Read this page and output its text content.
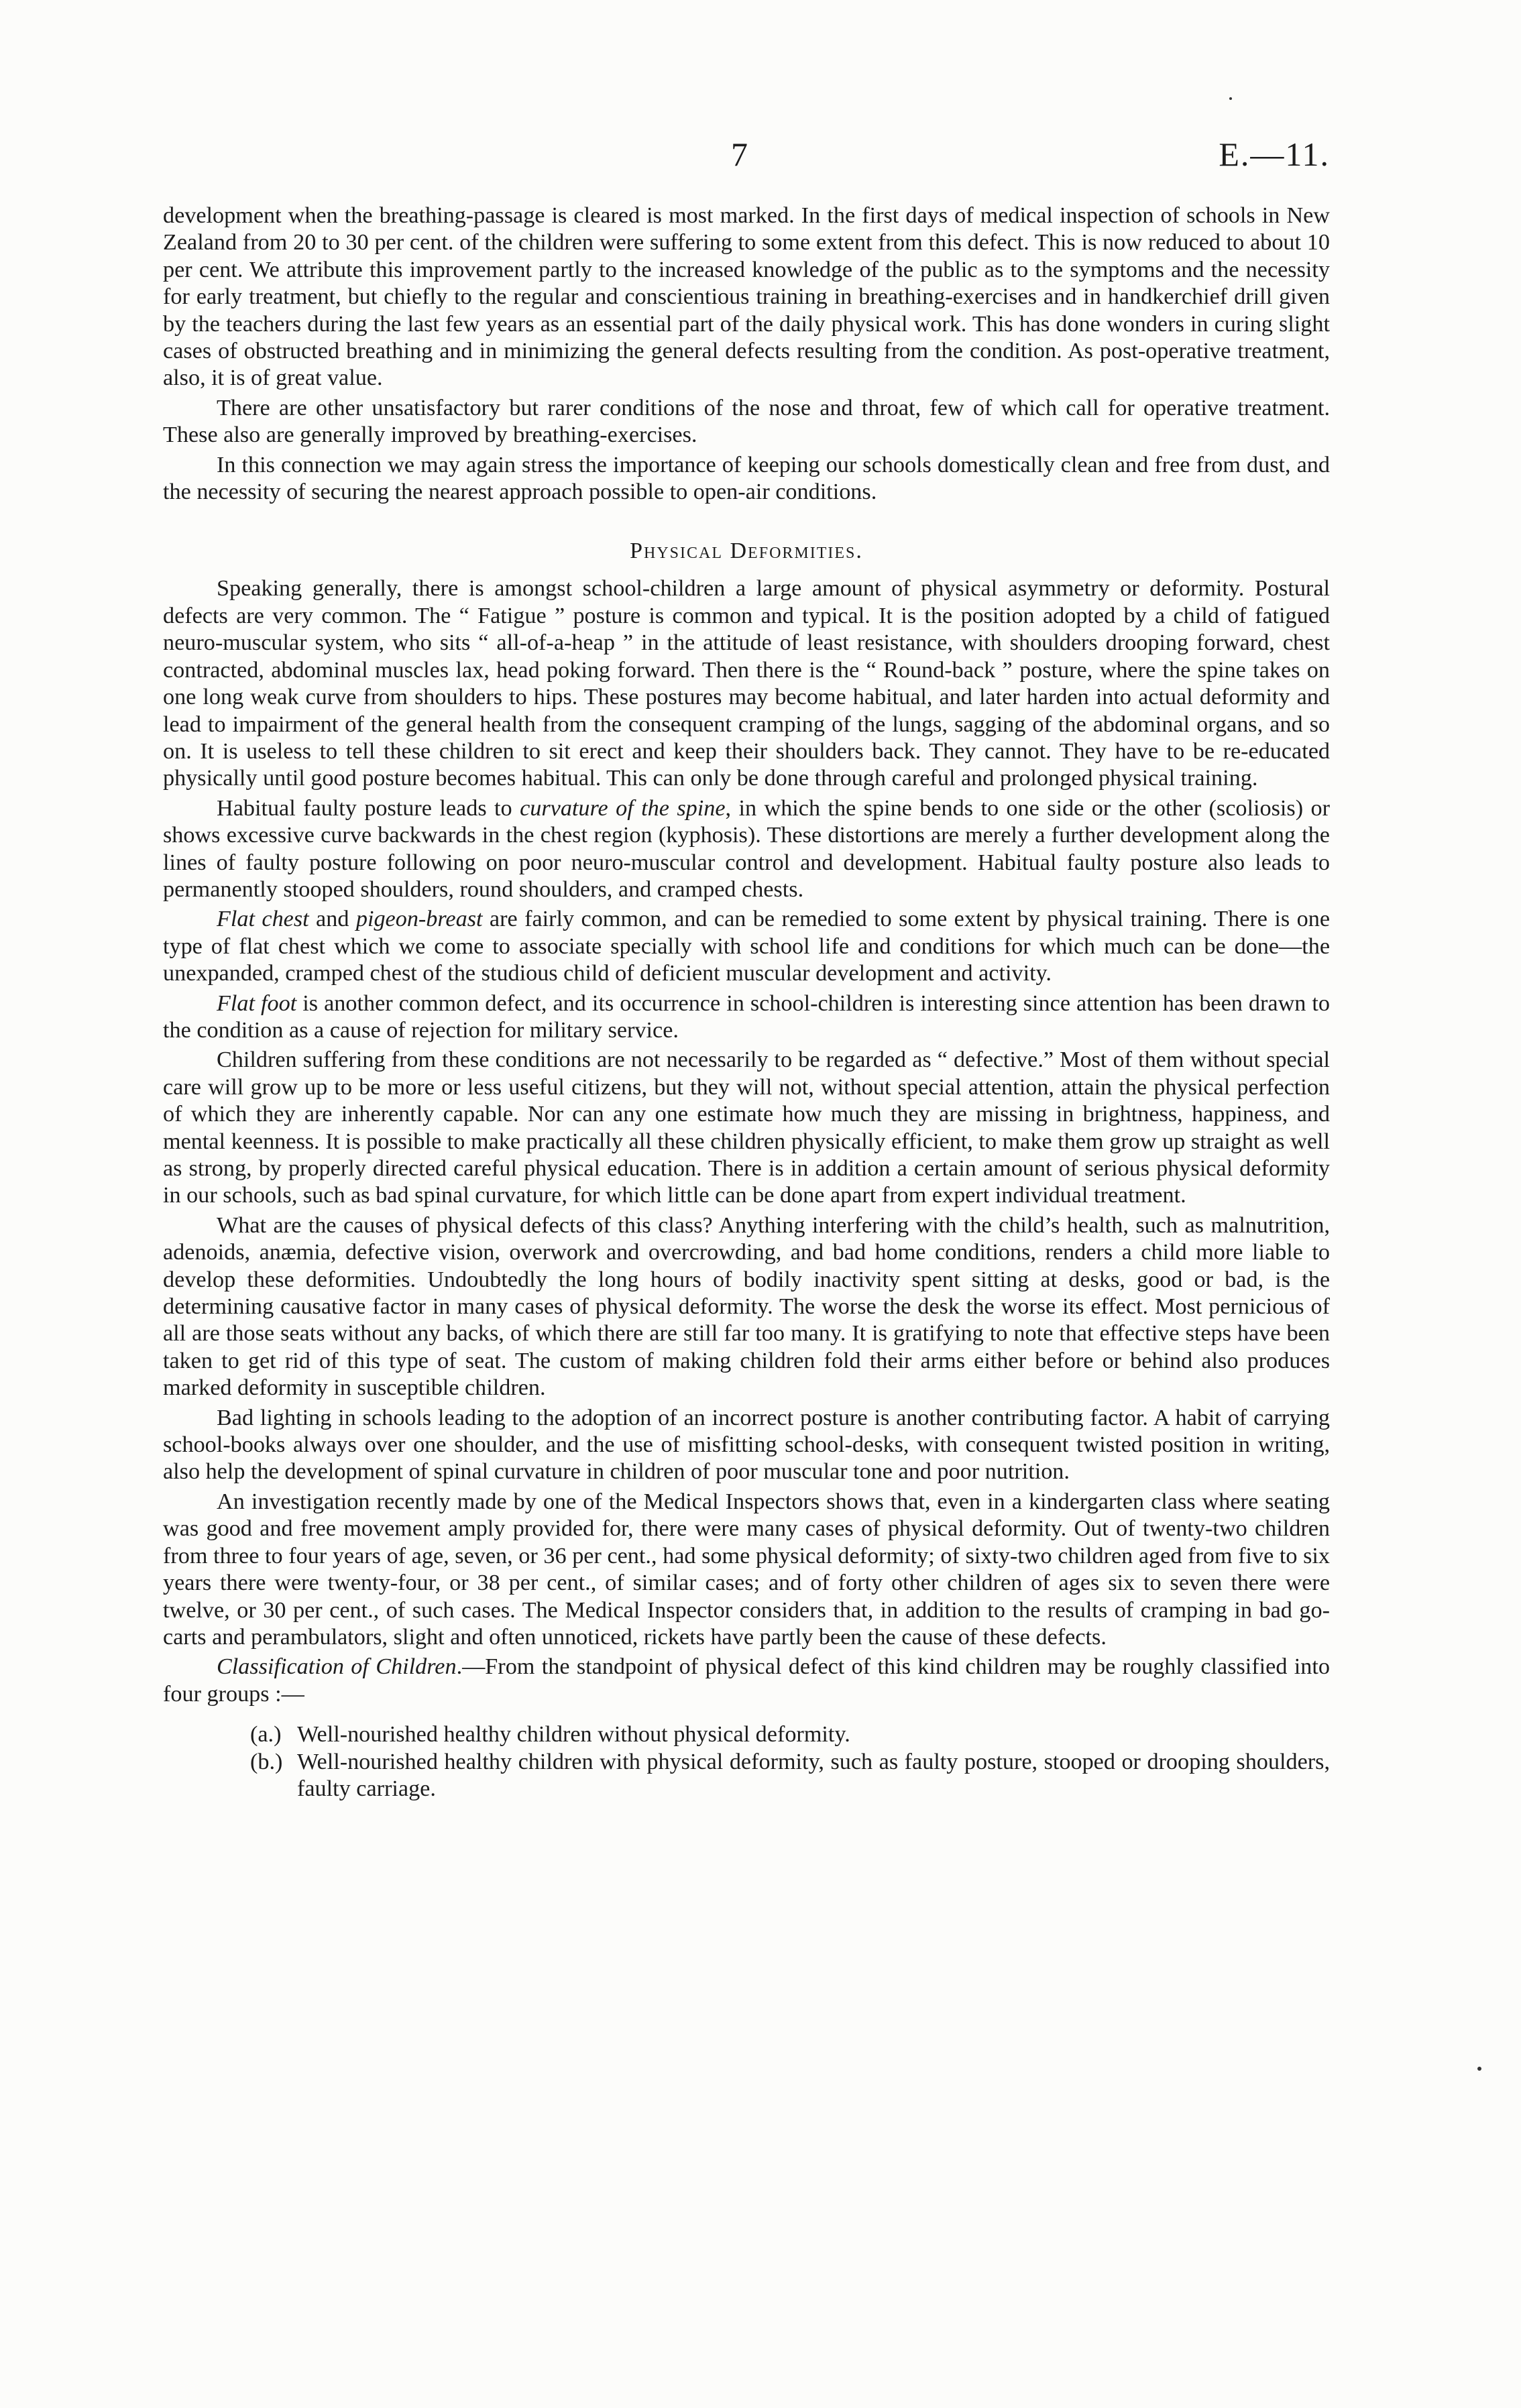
7	E.—11.

development when the breathing-passage is cleared is most marked. In the first days of medical inspection of schools in New Zealand from 20 to 30 per cent. of the children were suffering to some extent from this defect. This is now reduced to about 10 per cent. We attribute this improvement partly to the increased knowledge of the public as to the symptoms and the necessity for early treatment, but chiefly to the regular and conscientious training in breathing-exercises and in handkerchief drill given by the teachers during the last few years as an essential part of the daily physical work. This has done wonders in curing slight cases of obstructed breathing and in minimizing the general defects resulting from the condition. As post-operative treatment, also, it is of great value.

There are other unsatisfactory but rarer conditions of the nose and throat, few of which call for operative treatment. These also are generally improved by breathing-exercises.

In this connection we may again stress the importance of keeping our schools domestically clean and free from dust, and the necessity of securing the nearest approach possible to open-air conditions.

Physical Deformities.

Speaking generally, there is amongst school-children a large amount of physical asymmetry or deformity. Postural defects are very common. The “ Fatigue ” posture is common and typical. It is the position adopted by a child of fatigued neuro-muscular system, who sits “ all-of-a-heap ” in the attitude of least resistance, with shoulders drooping forward, chest contracted, abdominal muscles lax, head poking forward. Then there is the “ Round-back ” posture, where the spine takes on one long weak curve from shoulders to hips. These postures may become habitual, and later harden into actual deformity and lead to impairment of the general health from the consequent cramping of the lungs, sagging of the abdominal organs, and so on. It is useless to tell these children to sit erect and keep their shoulders back. They cannot. They have to be re-educated physically until good posture becomes habitual. This can only be done through careful and prolonged physical training.

Habitual faulty posture leads to curvature of the spine, in which the spine bends to one side or the other (scoliosis) or shows excessive curve backwards in the chest region (kyphosis). These distortions are merely a further development along the lines of faulty posture following on poor neuro-muscular control and development. Habitual faulty posture also leads to permanently stooped shoulders, round shoulders, and cramped chests.

Flat chest and pigeon-breast are fairly common, and can be remedied to some extent by physical training. There is one type of flat chest which we come to associate specially with school life and conditions for which much can be done—the unexpanded, cramped chest of the studious child of deficient muscular development and activity.

Flat foot is another common defect, and its occurrence in school-children is interesting since attention has been drawn to the condition as a cause of rejection for military service.

Children suffering from these conditions are not necessarily to be regarded as “ defective.” Most of them without special care will grow up to be more or less useful citizens, but they will not, without special attention, attain the physical perfection of which they are inherently capable. Nor can any one estimate how much they are missing in brightness, happiness, and mental keenness. It is possible to make practically all these children physically efficient, to make them grow up straight as well as strong, by properly directed careful physical education. There is in addition a certain amount of serious physical deformity in our schools, such as bad spinal curvature, for which little can be done apart from expert individual treatment.

What are the causes of physical defects of this class? Anything interfering with the child’s health, such as malnutrition, adenoids, anæmia, defective vision, overwork and overcrowding, and bad home conditions, renders a child more liable to develop these deformities. Undoubtedly the long hours of bodily inactivity spent sitting at desks, good or bad, is the determining causative factor in many cases of physical deformity. The worse the desk the worse its effect. Most pernicious of all are those seats without any backs, of which there are still far too many. It is gratifying to note that effective steps have been taken to get rid of this type of seat. The custom of making children fold their arms either before or behind also produces marked deformity in susceptible children.

Bad lighting in schools leading to the adoption of an incorrect posture is another contributing factor. A habit of carrying school-books always over one shoulder, and the use of misfitting school-desks, with consequent twisted position in writing, also help the development of spinal curvature in children of poor muscular tone and poor nutrition.

An investigation recently made by one of the Medical Inspectors shows that, even in a kindergarten class where seating was good and free movement amply provided for, there were many cases of physical deformity. Out of twenty-two children from three to four years of age, seven, or 36 per cent., had some physical deformity; of sixty-two children aged from five to six years there were twenty-four, or 38 per cent., of similar cases; and of forty other children of ages six to seven there were twelve, or 30 per cent., of such cases. The Medical Inspector considers that, in addition to the results of cramping in bad go-carts and perambulators, slight and often unnoticed, rickets have partly been the cause of these defects.

Classification of Children.—From the standpoint of physical defect of this kind children may be roughly classified into four groups :—

(a.) Well-nourished healthy children without physical deformity.
(b.) Well-nourished healthy children with physical deformity, such as faulty posture, stooped or drooping shoulders, faulty carriage.
